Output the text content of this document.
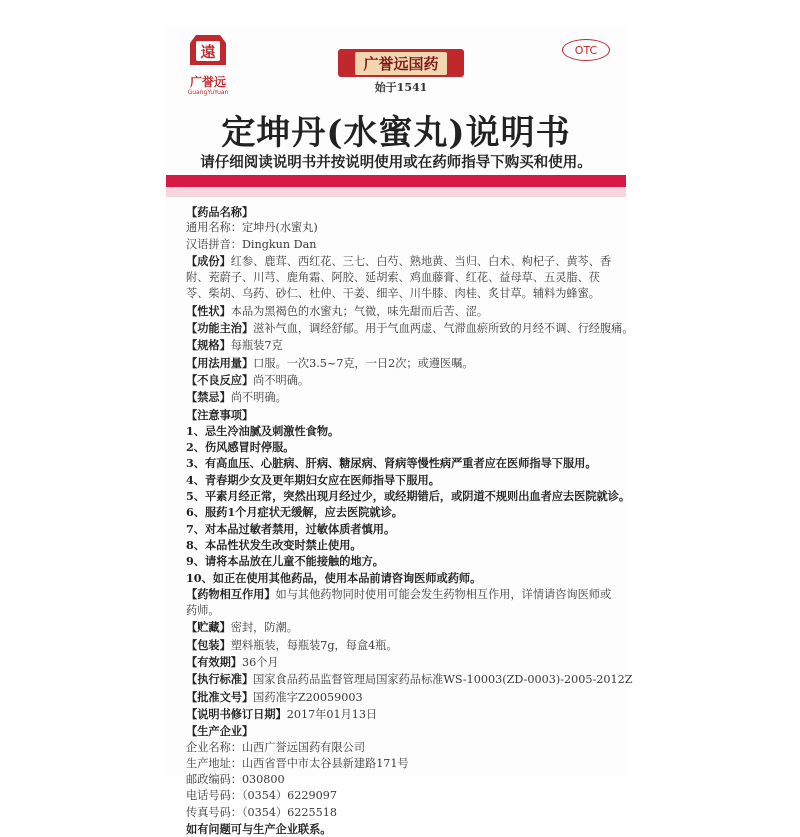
遠
广誉远
GuangYuYuan
广誉远国药
始于1541
OTC
定坤丹(水蜜丸)说明书
请仔细阅读说明书并按说明使用或在药师指导下购买和使用。
【药品名称】
通用名称：定坤丹(水蜜丸)
汉语拼音：Dingkun Dan
【成份】红参、鹿茸、西红花、三七、白芍、熟地黄、当归、白术、枸杞子、黄芩、香
附、茺蔚子、川芎、鹿角霜、阿胶、延胡索、鸡血藤膏、红花、益母草、五灵脂、茯
苓、柴胡、乌药、砂仁、杜仲、干姜、细辛、川牛膝、肉桂、炙甘草。辅料为蜂蜜。
【性状】本品为黑褐色的水蜜丸；气微，味先甜而后苦、涩。
【功能主治】滋补气血，调经舒郁。用于气血两虚、气滞血瘀所致的月经不调、行经腹痛。
【规格】每瓶装7克
【用法用量】口服。一次3.5~7克，一日2次；或遵医嘱。
【不良反应】尚不明确。
【禁忌】尚不明确。
【注意事项】
1、忌生冷油腻及刺激性食物。
2、伤风感冒时停服。
3、有高血压、心脏病、肝病、糖尿病、肾病等慢性病严重者应在医师指导下服用。
4、青春期少女及更年期妇女应在医师指导下服用。
5、平素月经正常，突然出现月经过少，或经期错后，或阴道不规则出血者应去医院就诊。
6、服药1个月症状无缓解，应去医院就诊。
7、对本品过敏者禁用，过敏体质者慎用。
8、本品性状发生改变时禁止使用。
9、请将本品放在儿童不能接触的地方。
10、如正在使用其他药品，使用本品前请咨询医师或药师。
【药物相互作用】如与其他药物同时使用可能会发生药物相互作用，详情请咨询医师或药师。
【贮藏】密封，防潮。
【包装】塑料瓶装，每瓶装7g，每盒4瓶。
【有效期】36个月
【执行标准】国家食品药品监督管理局国家药品标准WS-10003(ZD-0003)-2005-2012Z
【批准文号】国药准字Z20059003
【说明书修订日期】2017年01月13日
【生产企业】
企业名称：山西广誉远国药有限公司
生产地址：山西省晋中市太谷县新建路171号
邮政编码：030800
电话号码：（0354）6229097
传真号码：（0354）6225518
如有问题可与生产企业联系。
